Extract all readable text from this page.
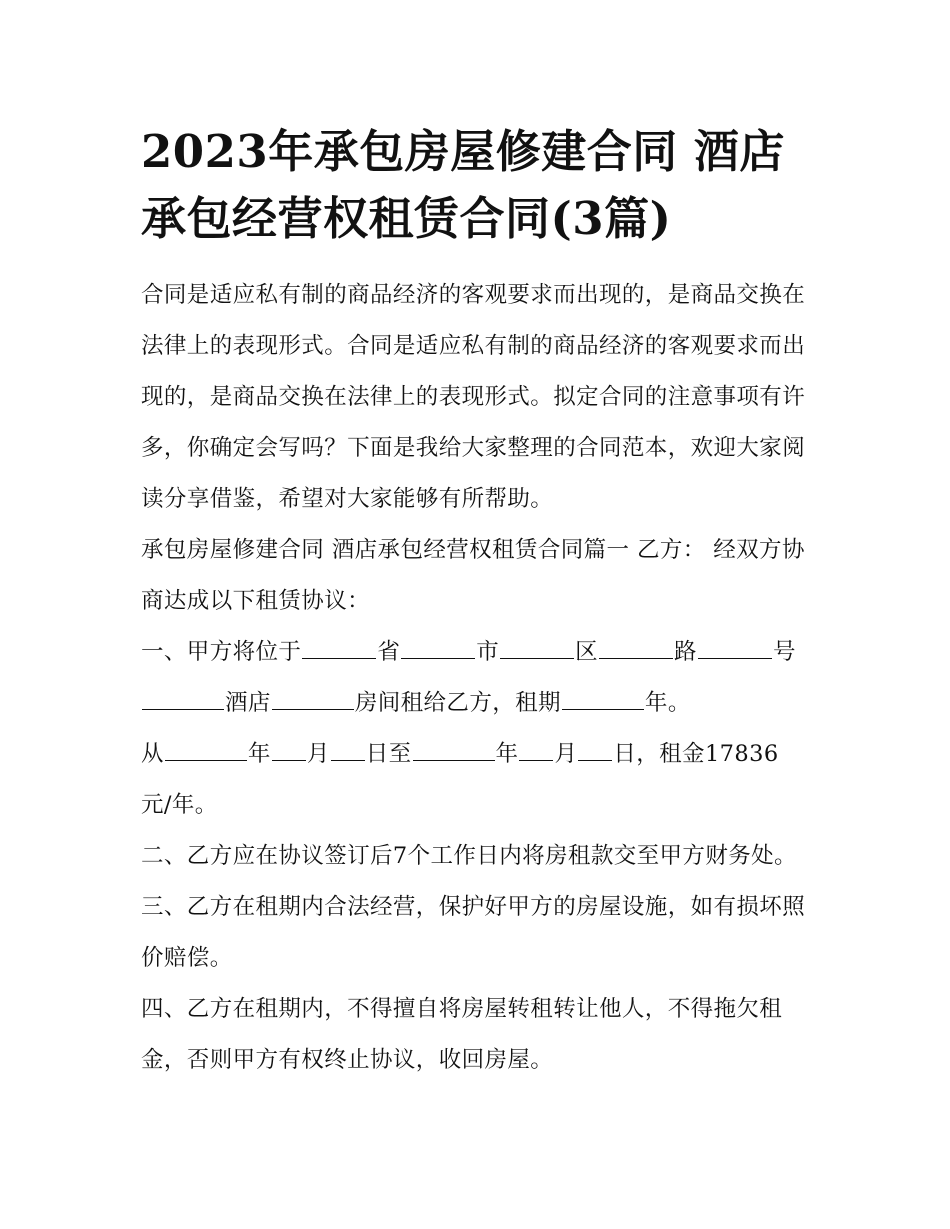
2023年承包房屋修建合同 酒店承包经营权租赁合同(3篇)

合同是适应私有制的商品经济的客观要求而出现的，是商品交换在法律上的表现形式。合同是适应私有制的商品经济的客观要求而出现的，是商品交换在法律上的表现形式。拟定合同的注意事项有许多，你确定会写吗？下面是我给大家整理的合同范本，欢迎大家阅读分享借鉴，希望对大家能够有所帮助。

承包房屋修建合同 酒店承包经营权租赁合同篇一 乙方： 经双方协商达成以下租赁协议：

一、甲方将位于	省	市	区	路	号酒店	房间租给乙方，租期	年。

从	年 月 日至	年 月 日，租金17836 元/年。

二、乙方应在协议签订后7个工作日内将房租款交至甲方财务处。 三、乙方在租期内合法经营，保护好甲方的房屋设施，如有损坏照价赔偿。

四、乙方在租期内，不得擅自将房屋转租转让他人，不得拖欠租金，否则甲方有权终止协议，收回房屋。
